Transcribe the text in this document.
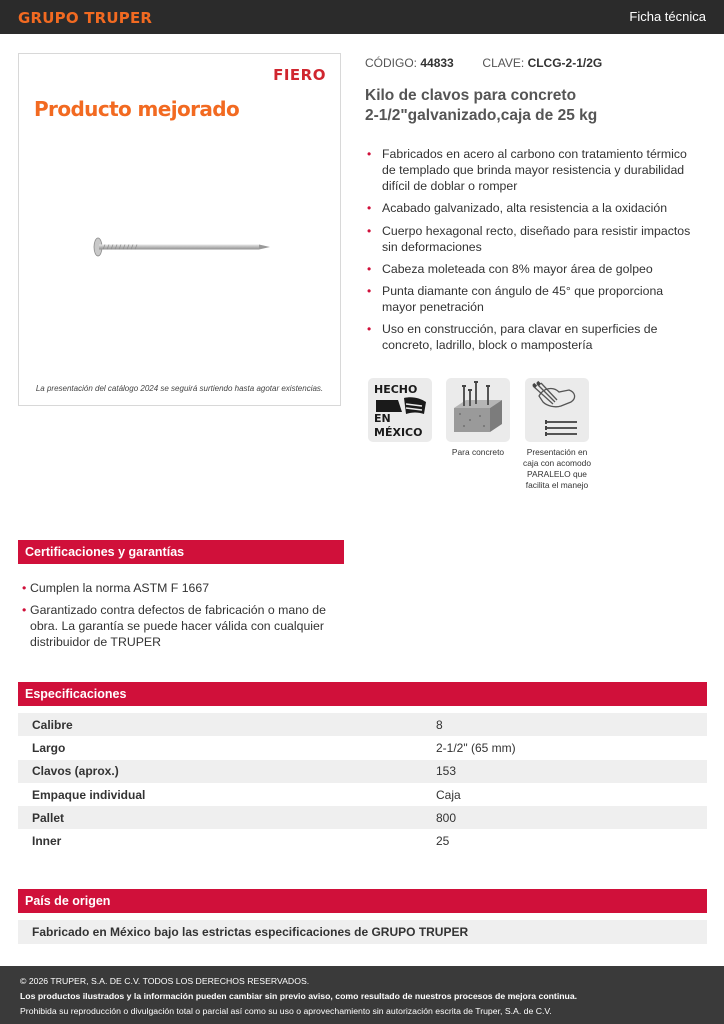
GRUPO TRUPER	Ficha técnica
FIERO
Producto mejorado
La presentación del catálogo 2024 se seguirá surtiendo hasta agotar existencias.
CÓDIGO: 44833 CLAVE: CLCG-2-1/2G
Kilo de clavos para concreto
2-1/2"galvanizado,caja de 25 kg
• Fabricados en acero al carbono con tratamiento térmico de templado que brinda mayor resistencia y durabilidad difícil de doblar o romper
• Acabado galvanizado, alta resistencia a la oxidación
• Cuerpo hexagonal recto, diseñado para resistir impactos sin deformaciones
• Cabeza moleteada con 8% mayor área de golpeo
• Punta diamante con ángulo de 45° que proporciona mayor penetración
• Uso en construcción, para clavar en superficies de concreto, ladrillo, block o mampostería
HECHO
EN
MÉXICO
Para concreto	Presentación en caja con acomodo PARALELO que facilita el manejo
Certificaciones y garantías
• Cumplen la norma ASTM F 1667
• Garantizado contra defectos de fabricación o mano de obra. La garantía se puede hacer válida con cualquier distribuidor de TRUPER
Especificaciones
Calibre	8
Largo	2-1/2" (65 mm)
Clavos (aprox.)	153
Empaque individual	Caja
Pallet	800
Inner	25
País de origen
Fabricado en México bajo las estrictas especificaciones de GRUPO TRUPER
© 2026 TRUPER, S.A. DE C.V. TODOS LOS DERECHOS RESERVADOS.
Los productos ilustrados y la información pueden cambiar sin previo aviso, como resultado de nuestros procesos de mejora continua.
Prohibida su reproducción o divulgación total o parcial así como su uso o aprovechamiento sin autorización escrita de Truper, S.A. de C.V.
